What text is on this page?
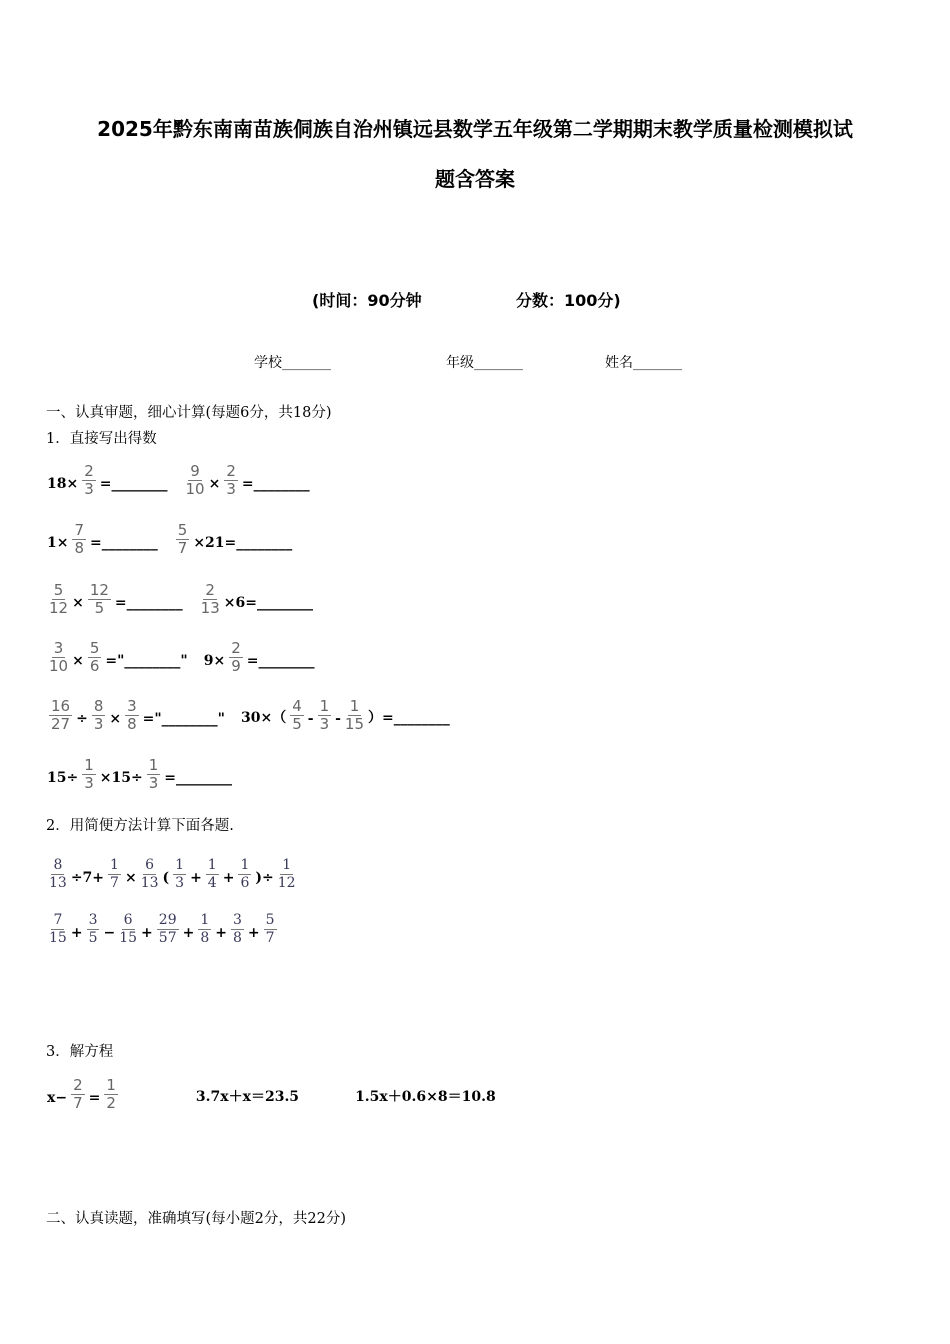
2025年黔东南南苗族侗族自治州镇远县数学五年级第二学期期末教学质量检测模拟试
题含答案
(时间：90分钟	分数：100分)
学校_______	年级_______	姓名_______
一、认真审题，细心计算(每题6分，共18分)
1．直接写出得数
$18\times \frac{2}{3}$ =________ $\frac{9}{10} \times \frac{2}{3}$ =________
$1\times \frac{7}{8}$ =________ $\frac{5}{7}$ ×21=________
$\frac{5}{12} \times \frac{12}{5}$ =________ $\frac{2}{13}$ ×6=________
$\frac{3}{10} \times \frac{5}{6}$ ="________" $9\times \frac{2}{9}$ =________
$\frac{16}{27} \div \frac{8}{3} \times \frac{3}{8}$ ="________" $30\times( \frac{4}{5} - \frac{1}{3} - \frac{1}{15}$ ）=________
$15\div \frac{1}{3} \times 15\div \frac{1}{3}$ =________
2．用简便方法计算下面各题.
$\frac{8}{13} \div 7+ \frac{1}{7} \times \frac{6}{13}$ ( $\frac{1}{3} + \frac{1}{4} + \frac{1}{6}$ )÷ $\frac{1}{12}$
$\frac{7}{15} + \frac{3}{5} - \frac{6}{15} + \frac{29}{57} + \frac{1}{8} + \frac{3}{8} + \frac{5}{7}$
3．解方程
$x- \frac{2}{7} = \frac{1}{2}$	3.7x＋x＝23.5	1.5x＋0.6×8＝10.8
二、认真读题，准确填写(每小题2分，共22分)
